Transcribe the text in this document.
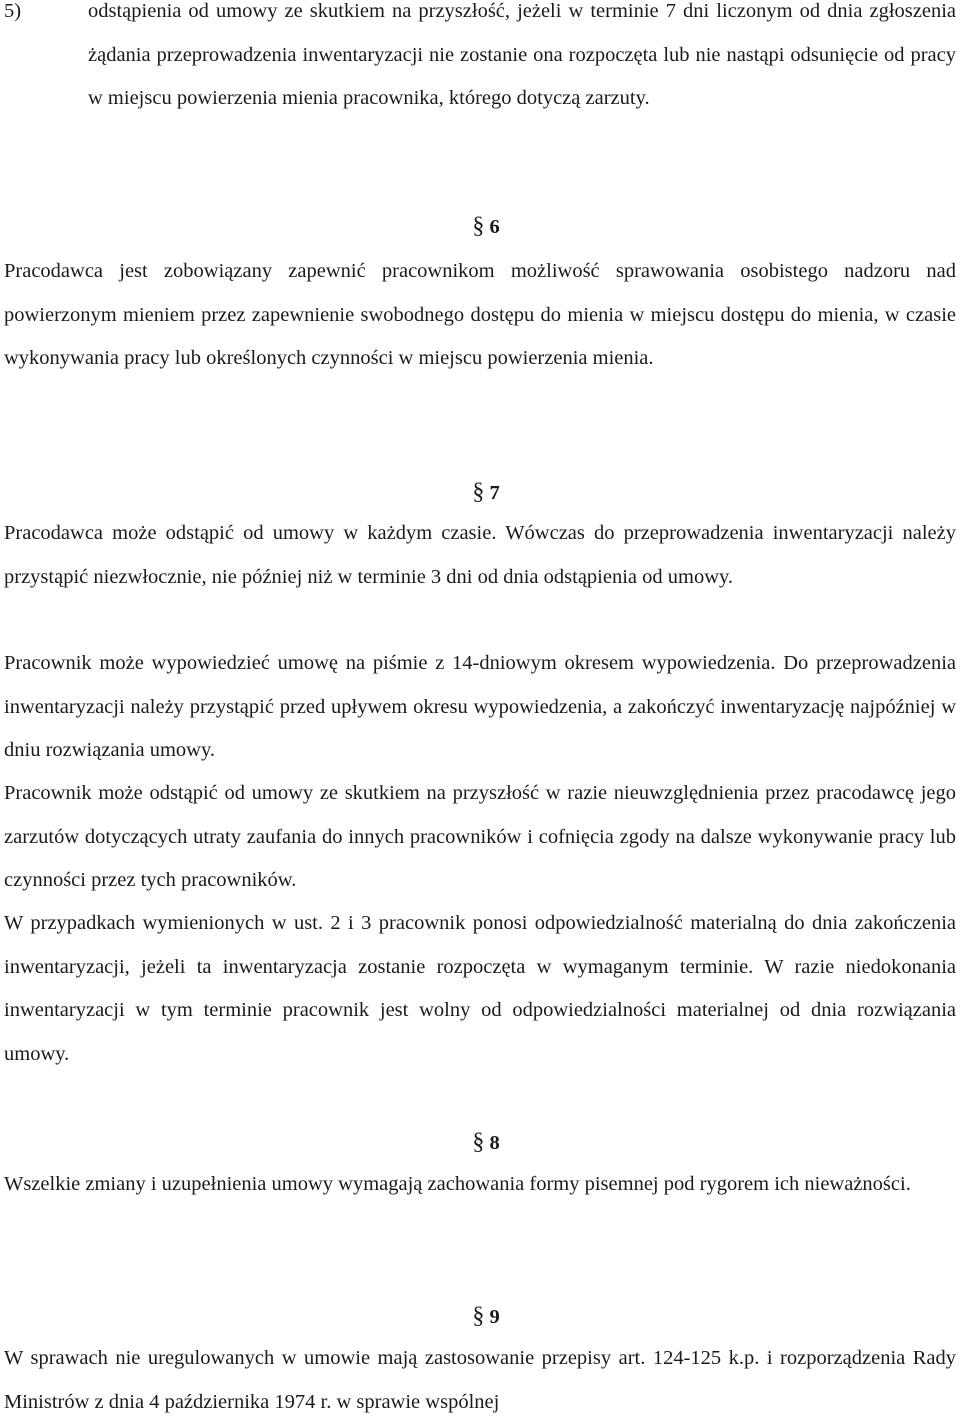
5)	odstąpienia od umowy ze skutkiem na przyszłość, jeżeli w terminie 7 dni liczonym od dnia zgłoszenia żądania przeprowadzenia inwentaryzacji nie zostanie ona rozpoczęta lub nie nastąpi odsunięcie od pracy w miejscu powierzenia mienia pracownika, którego dotyczą zarzuty.
§ 6

Pracodawca jest zobowiązany zapewnić pracownikom możliwość sprawowania osobistego nadzoru nad powierzonym mieniem przez zapewnienie swobodnego dostępu do mienia w miejscu dostępu do mienia, w czasie wykonywania pracy lub określonych czynności w miejscu powierzenia mienia.

§ 7

Pracodawca może odstąpić od umowy w każdym czasie. Wówczas do przeprowadzenia inwentaryzacji należy przystąpić niezwłocznie, nie później niż w terminie 3 dni od dnia odstąpienia od umowy.

Pracownik może wypowiedzieć umowę na piśmie z 14-dniowym okresem wypowiedzenia. Do przeprowadzenia inwentaryzacji należy przystąpić przed upływem okresu wypowiedzenia, a zakończyć inwentaryzację najpóźniej w dniu rozwiązania umowy.

Pracownik może odstąpić od umowy ze skutkiem na przyszłość w razie nieuwzględnienia przez pracodawcę jego zarzutów dotyczących utraty zaufania do innych pracowników i cofnięcia zgody na dalsze wykonywanie pracy lub czynności przez tych pracowników.

W przypadkach wymienionych w ust. 2 i 3 pracownik ponosi odpowiedzialność materialną do dnia zakończenia inwentaryzacji, jeżeli ta inwentaryzacja zostanie rozpoczęta w wymaganym terminie. W razie niedokonania inwentaryzacji w tym terminie pracownik jest wolny od odpowiedzialności materialnej od dnia rozwiązania umowy.

§ 8

Wszelkie zmiany i uzupełnienia umowy wymagają zachowania formy pisemnej pod rygorem ich nieważności.

§ 9

W sprawach nie uregulowanych w umowie mają zastosowanie przepisy art. 124-125 k.p. i rozporządzenia Rady Ministrów z dnia 4 października 1974 r. w sprawie wspólnej
